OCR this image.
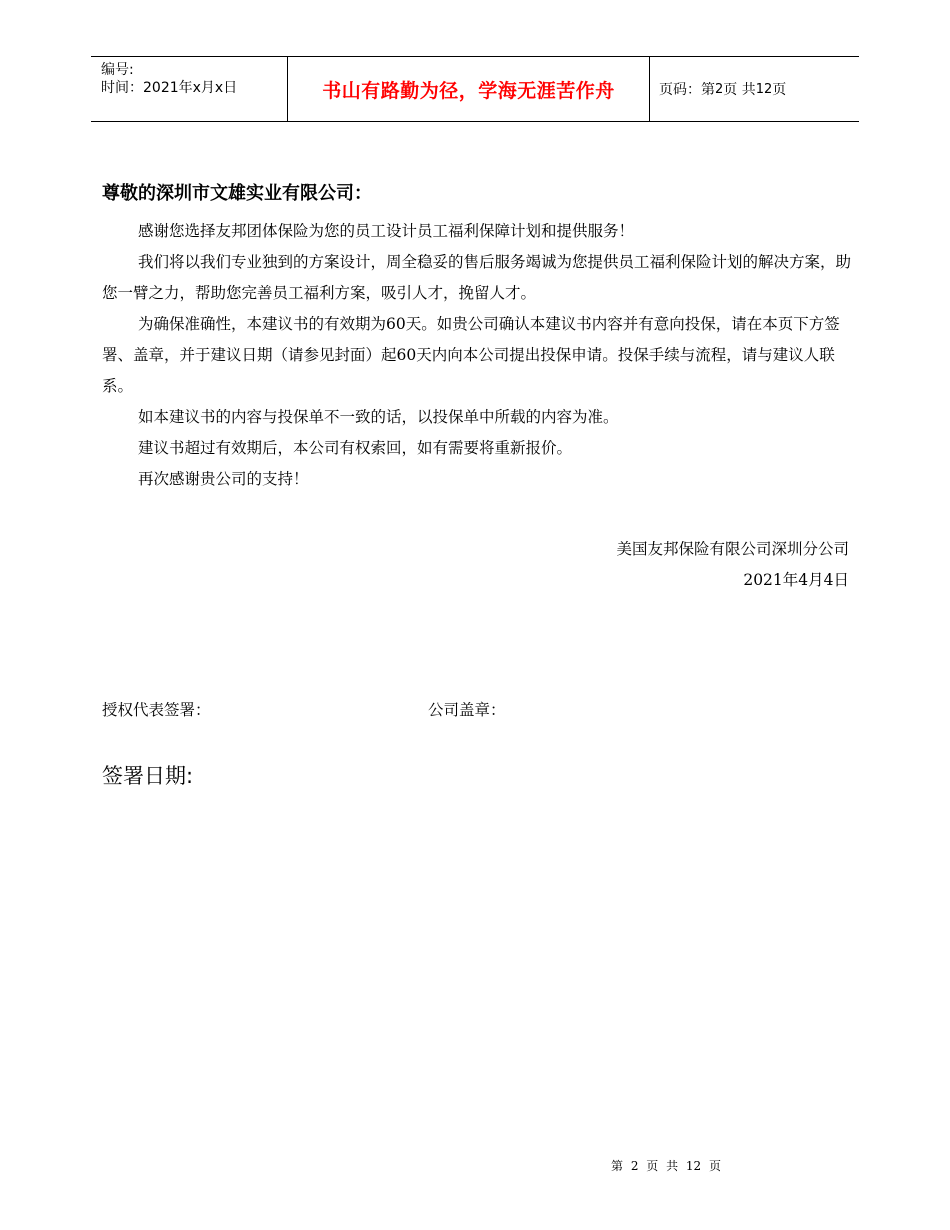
编号:
时间：2021年x月x日	书山有路勤为径，学海无涯苦作舟	页码：第 2 页 共 12 页
尊敬的深圳市文雄实业有限公司：
感谢您选择友邦团体保险为您的员工设计员工福利保障计划和提供服务！
我们将以我们专业独到的方案设计，周全稳妥的售后服务竭诚为您提供员工福利保险计划的解决方案，助您一臂之力，帮助您完善员工福利方案，吸引人才，挽留人才。
为确保准确性，本建议书的有效期为60天。如贵公司确认本建议书内容并有意向投保，请在本页下方签署、盖章，并于建议日期（请参见封面）起60天内向本公司提出投保申请。投保手续与流程，请与建议人联系。
如本建议书的内容与投保单不一致的话，以投保单中所载的内容为准。
建议书超过有效期后，本公司有权索回，如有需要将重新报价。
再次感谢贵公司的支持！
美国友邦保险有限公司深圳分公司
2021年4月4日
授权代表签署：	公司盖章：
签署日期:
第 2 页 共 12 页
